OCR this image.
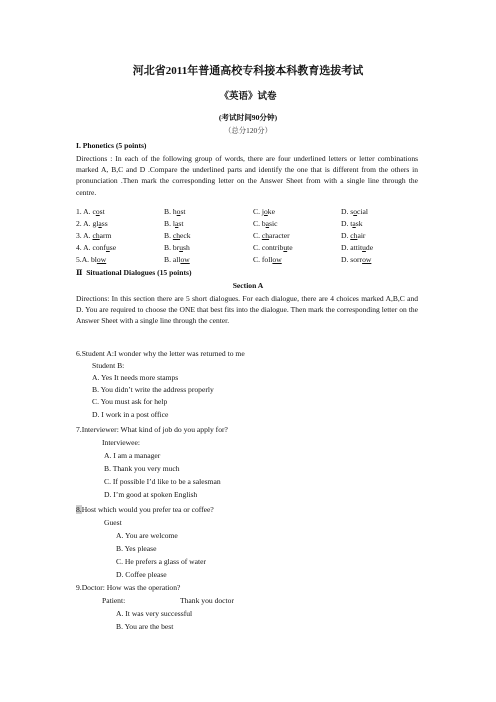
河北省2011年普通高校专科接本科教育选拔考试
《英语》试卷
(考试时间90分钟)
（总分120分）
I. Phonetics (5 points)
Directions : In each of the following group of words, there are four underlined letters or letter combinations marked A, B,C and D .Compare the underlined parts and identify the one that is different from the others in pronunciation .Then mark the corresponding letter on the Answer Sheet from with a single line through the centre.
1. A. cost	B. host	C. joke	D. social
2. A. glass	B. last	C. basic	D. task
3. A. charm	B. check	C. character	D. chair
4. A. confuse	B. brush	C. contribute	D. attitude
5.A. blow	B. allow	C. follow	D. sorrow
Ⅱ Situational Dialogues (15 points)
Section A
Directions: In this section there are 5 short dialogues. For each dialogue, there are 4 choices marked A,B,C and D. You are required to choose the ONE that best fits into the dialogue. Then mark the corresponding letter on the Answer Sheet with a single line through the center.
6.Student A:I wonder why the letter was returned to me
Student B:
A. Yes It needs more stamps
B. You didn’t write the address properly
C. You must ask for help
D. I work in a post office
7.Interviewer: What kind of job do you apply for?
Interviewee:
A. I am a manager
B. Thank you very much
C. If possible I’d like to be a salesman
D. I’m good at spoken English
8.Host which would you prefer tea or coffee?
Guest
A. You are welcome
B. Yes please
C. He prefers a glass of water
D. Coffee please
9.Doctor: How was the operation?
Patient:	Thank you doctor
A. It was very successful
B. You are the best
